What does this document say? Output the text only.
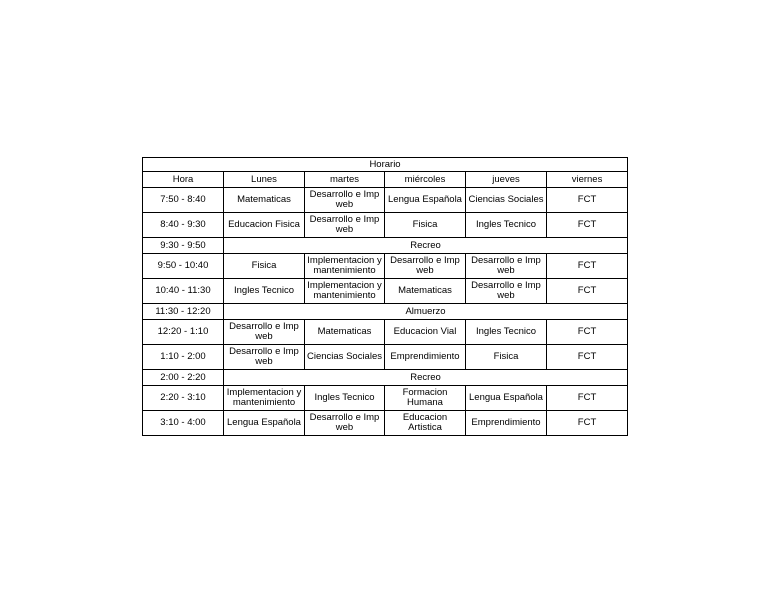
Horario					
Hora	Lunes	martes	miércoles	jueves	viernes
7:50 - 8:40	Matematicas	Desarrollo e Imp web	Lengua Española	Ciencias Sociales	FCT
8:40 - 9:30	Educacion Fisica	Desarrollo e Imp web	Fisica	Ingles Tecnico	FCT
9:30 - 9:50	Recreo				
9:50 - 10:40	Fisica	Implementacion y mantenimiento	Desarrollo e Imp web	Desarrollo e Imp web	FCT
10:40 - 11:30	Ingles Tecnico	Implementacion y mantenimiento	Matematicas	Desarrollo e Imp web	FCT
11:30 - 12:20	Almuerzo				
12:20 - 1:10	Desarrollo e Imp web	Matematicas	Educacion Vial	Ingles Tecnico	FCT
1:10 - 2:00	Desarrollo e Imp web	Ciencias Sociales	Emprendimiento	Fisica	FCT
2:00 - 2:20	Recreo				
2:20 - 3:10	Implementacion y mantenimiento	Ingles Tecnico	Formacion Humana	Lengua Española	FCT
3:10 - 4:00	Lengua Española	Desarrollo e Imp web	Educacion Artistica	Emprendimiento	FCT
